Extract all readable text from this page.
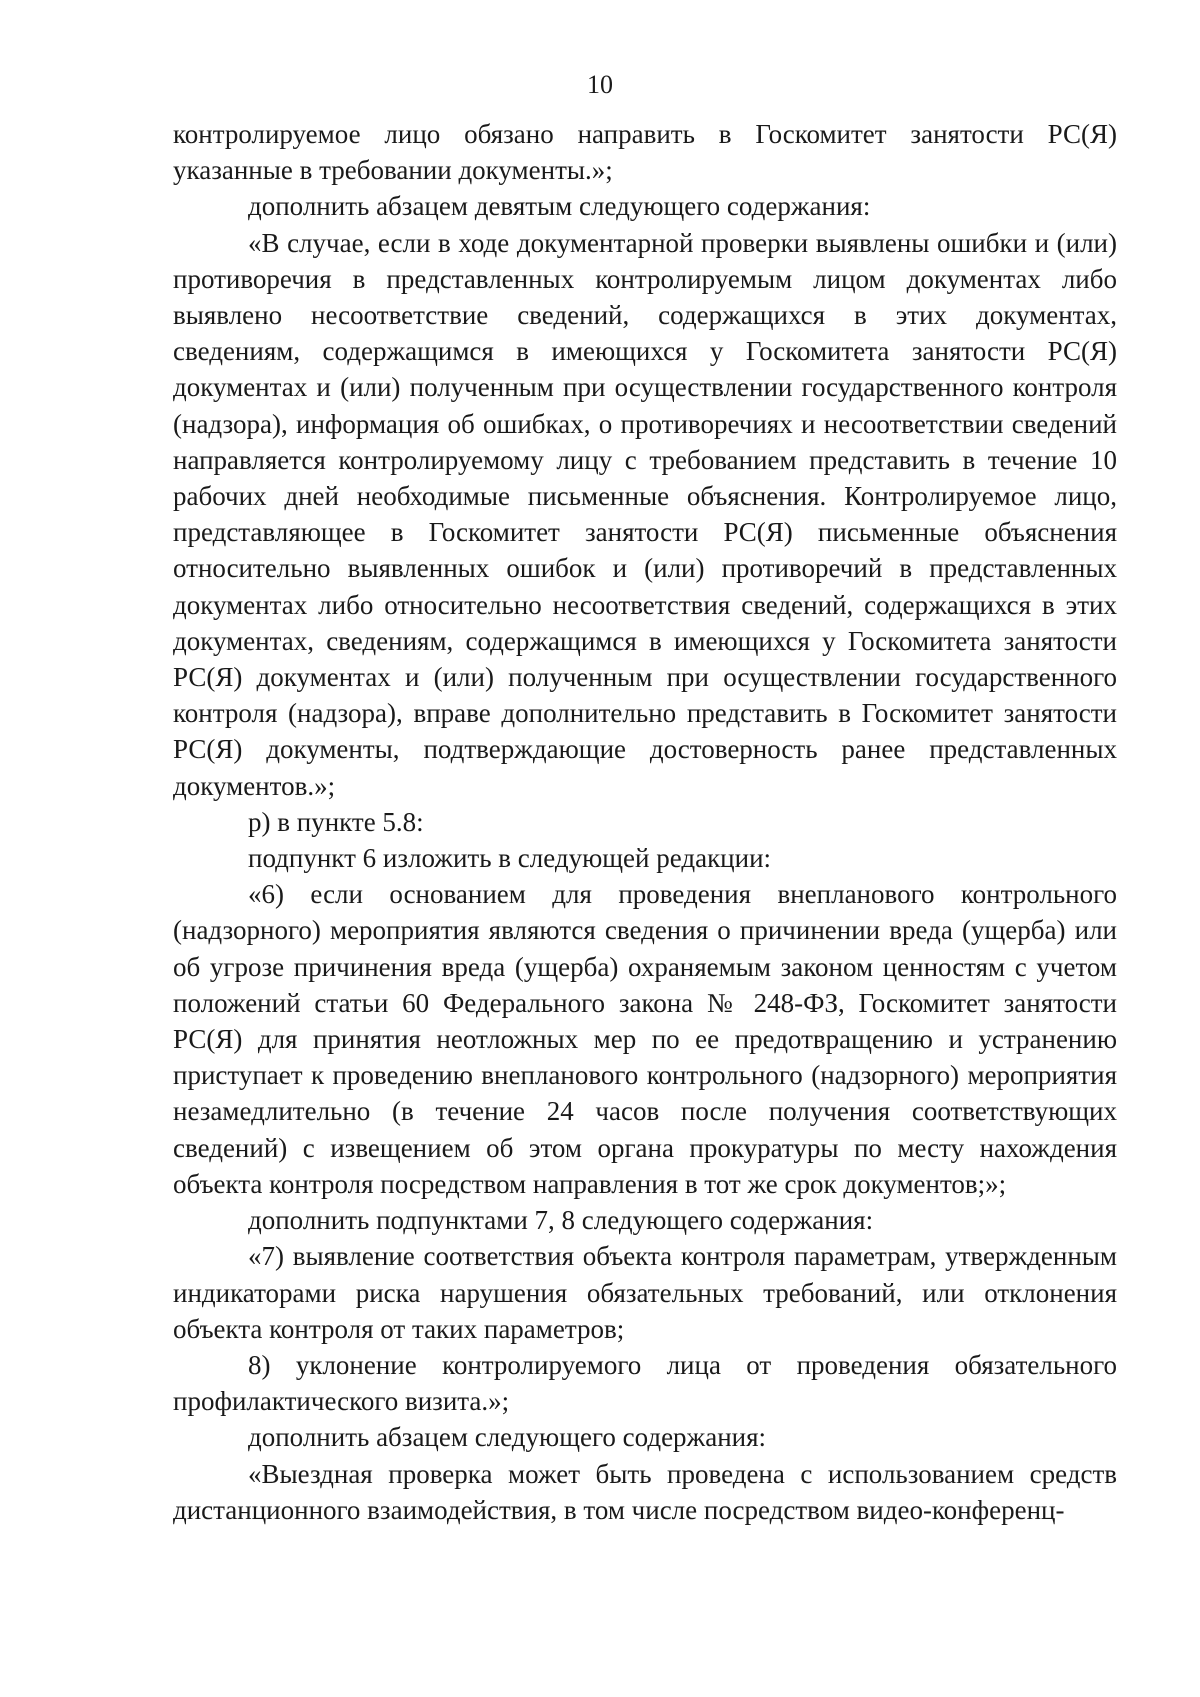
10

контролируемое лицо обязано направить в Госкомитет занятости РС(Я) указанные в требовании документы.»;

дополнить абзацем девятым следующего содержания:

«В случае, если в ходе документарной проверки выявлены ошибки и (или) противоречия в представленных контролируемым лицом документах либо выявлено несоответствие сведений, содержащихся в этих документах, сведениям, содержащимся в имеющихся у Госкомитета занятости РС(Я) документах и (или) полученным при осуществлении государственного контроля (надзора), информация об ошибках, о противоречиях и несоответствии сведений направляется контролируемому лицу с требованием представить в течение 10 рабочих дней необходимые письменные объяснения. Контролируемое лицо, представляющее в Госкомитет занятости РС(Я) письменные объяснения относительно выявленных ошибок и (или) противоречий в представленных документах либо относительно несоответствия сведений, содержащихся в этих документах, сведениям, содержащимся в имеющихся у Госкомитета занятости РС(Я) документах и (или) полученным при осуществлении государственного контроля (надзора), вправе дополнительно представить в Госкомитет занятости РС(Я) документы, подтверждающие достоверность ранее представленных документов.»;

р) в пункте 5.8:

подпункт 6 изложить в следующей редакции:

«6) если основанием для проведения внепланового контрольного (надзорного) мероприятия являются сведения о причинении вреда (ущерба) или об угрозе причинения вреда (ущерба) охраняемым законом ценностям с учетом положений статьи 60 Федерального закона № 248-ФЗ, Госкомитет занятости РС(Я) для принятия неотложных мер по ее предотвращению и устранению приступает к проведению внепланового контрольного (надзорного) мероприятия незамедлительно (в течение 24 часов после получения соответствующих сведений) с извещением об этом органа прокуратуры по месту нахождения объекта контроля посредством направления в тот же срок документов;»;

дополнить подпунктами 7, 8 следующего содержания:

«7) выявление соответствия объекта контроля параметрам, утвержденным индикаторами риска нарушения обязательных требований, или отклонения объекта контроля от таких параметров;

8) уклонение контролируемого лица от проведения обязательного профилактического визита.»;

дополнить абзацем следующего содержания:

«Выездная проверка может быть проведена с использованием средств дистанционного взаимодействия, в том числе посредством видео-конференц-
